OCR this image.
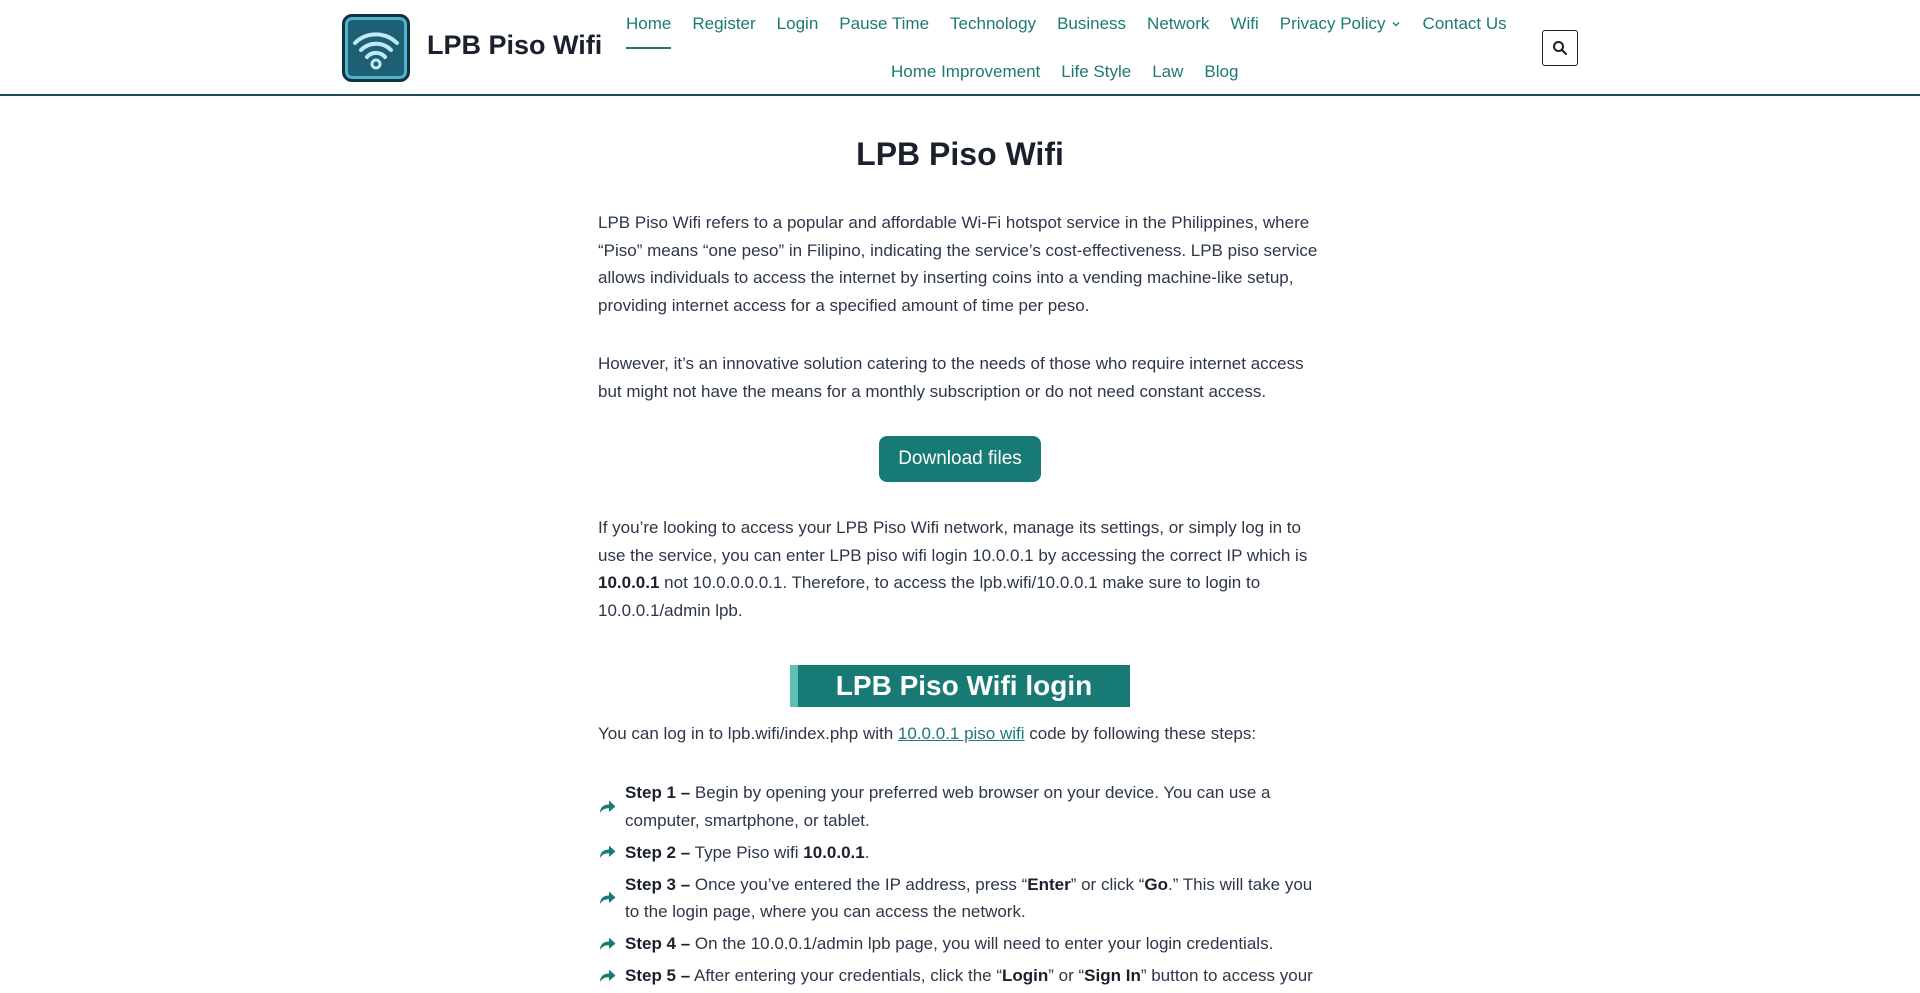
LPB Piso Wifi
Home Register Login Pause Time Technology Business Network Wifi Privacy Policy Contact Us
Home Improvement Life Style Law Blog
LPB Piso Wifi

LPB Piso Wifi refers to a popular and affordable Wi-Fi hotspot service in the Philippines, where “Piso” means “one peso” in Filipino, indicating the service’s cost-effectiveness. LPB piso service allows individuals to access the internet by inserting coins into a vending machine-like setup, providing internet access for a specified amount of time per peso.

However, it’s an innovative solution catering to the needs of those who require internet access but might not have the means for a monthly subscription or do not need constant access.

Download files

If you’re looking to access your LPB Piso Wifi network, manage its settings, or simply log in to use the service, you can enter LPB piso wifi login 10.0.0.1 by accessing the correct IP which is 10.0.0.1 not 10.0.0.0.0.1. Therefore, to access the lpb.wifi/10.0.0.1 make sure to login to 10.0.0.1/admin lpb.

LPB Piso Wifi login

You can log in to lpb.wifi/index.php with 10.0.0.1 piso wifi code by following these steps:

Step 1 – Begin by opening your preferred web browser on your device. You can use a computer, smartphone, or tablet.
Step 2 – Type Piso wifi 10.0.0.1.
Step 3 – Once you’ve entered the IP address, press “Enter” or click “Go.” This will take you to the login page, where you can access the network.
Step 4 – On the 10.0.0.1/admin lpb page, you will need to enter your login credentials.
Step 5 – After entering your credentials, click the “Login” or “Sign In” button to access your
